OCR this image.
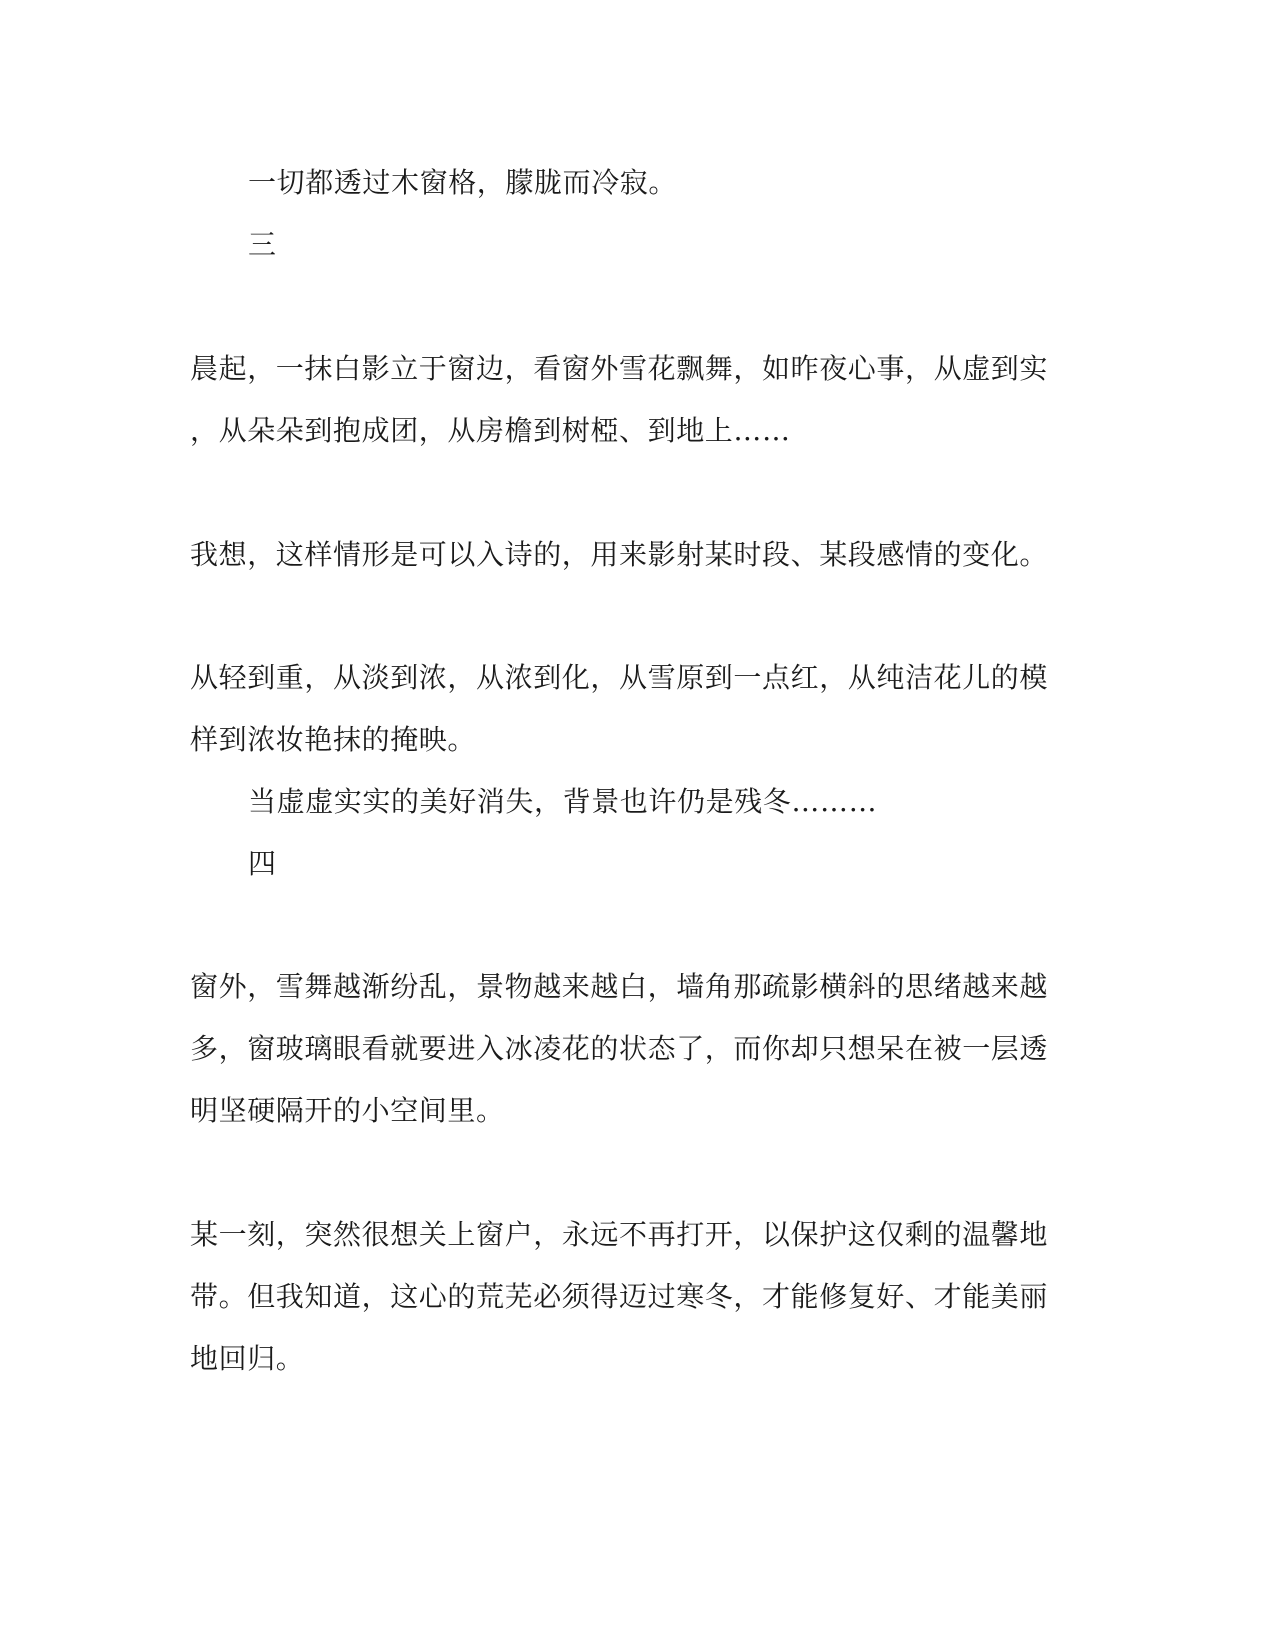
一切都透过木窗格，朦胧而冷寂。
三
晨起，一抹白影立于窗边，看窗外雪花飘舞，如昨夜心事，从虚到实
，从朵朵到抱成团，从房檐到树椏、到地上……
我想，这样情形是可以入诗的，用来影射某时段、某段感情的变化。
从轻到重，从淡到浓，从浓到化，从雪原到一点红，从纯洁花儿的模
样到浓妆艳抹的掩映。
当虚虚实实的美好消失，背景也许仍是残冬………
四
窗外，雪舞越渐纷乱，景物越来越白，墙角那疏影横斜的思绪越来越
多，窗玻璃眼看就要进入冰凌花的状态了，而你却只想呆在被一层透
明坚硬隔开的小空间里。
某一刻，突然很想关上窗户，永远不再打开，以保护这仅剩的温馨地
带。但我知道，这心的荒芜必须得迈过寒冬，才能修复好、才能美丽
地回归。
